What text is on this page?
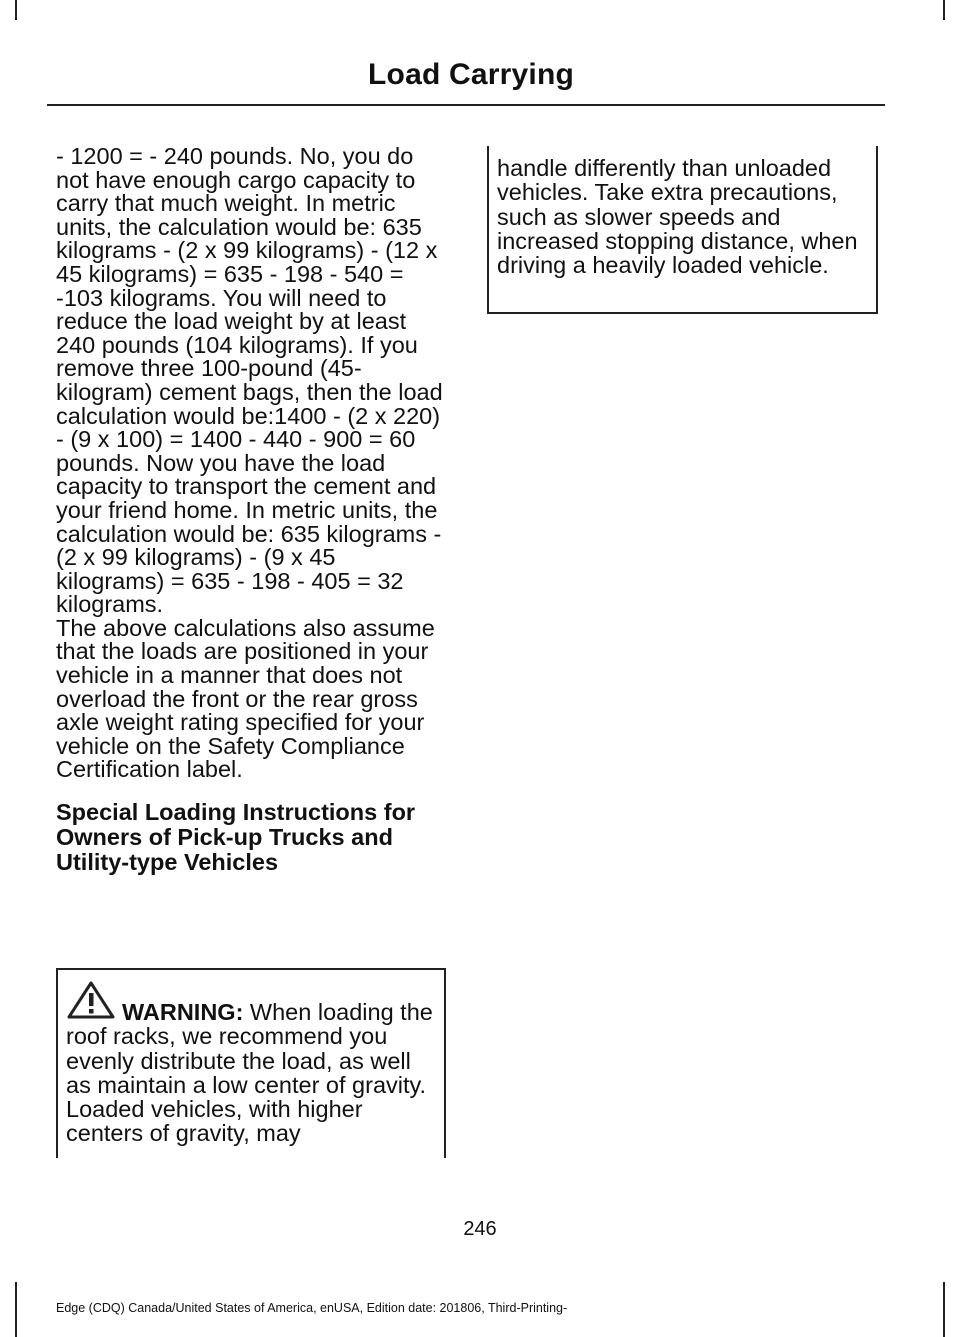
Load Carrying

- 1200 = - 240 pounds. No, you do not have enough cargo capacity to carry that much weight. In metric units, the calculation would be: 635 kilograms - (2 x 99 kilograms) - (12 x 45 kilograms) = 635 - 198 - 540 = -103 kilograms. You will need to reduce the load weight by at least 240 pounds (104 kilograms). If you remove three 100-pound (45-kilogram) cement bags, then the load calculation would be:1400 - (2 x 220) - (9 x 100) = 1400 - 440 - 900 = 60 pounds. Now you have the load capacity to transport the cement and your friend home. In metric units, the calculation would be: 635 kilograms - (2 x 99 kilograms) - (9 x 45 kilograms) = 635 - 198 - 405 = 32 kilograms.

The above calculations also assume that the loads are positioned in your vehicle in a manner that does not overload the front or the rear gross axle weight rating specified for your vehicle on the Safety Compliance Certification label.

Special Loading Instructions for Owners of Pick-up Trucks and Utility-type Vehicles

WARNING: When loading the roof racks, we recommend you evenly distribute the load, as well as maintain a low center of gravity. Loaded vehicles, with higher centers of gravity, may

handle differently than unloaded vehicles. Take extra precautions, such as slower speeds and increased stopping distance, when driving a heavily loaded vehicle.

246
Edge (CDQ) Canada/United States of America, enUSA, Edition date: 201806, Third-Printing-
